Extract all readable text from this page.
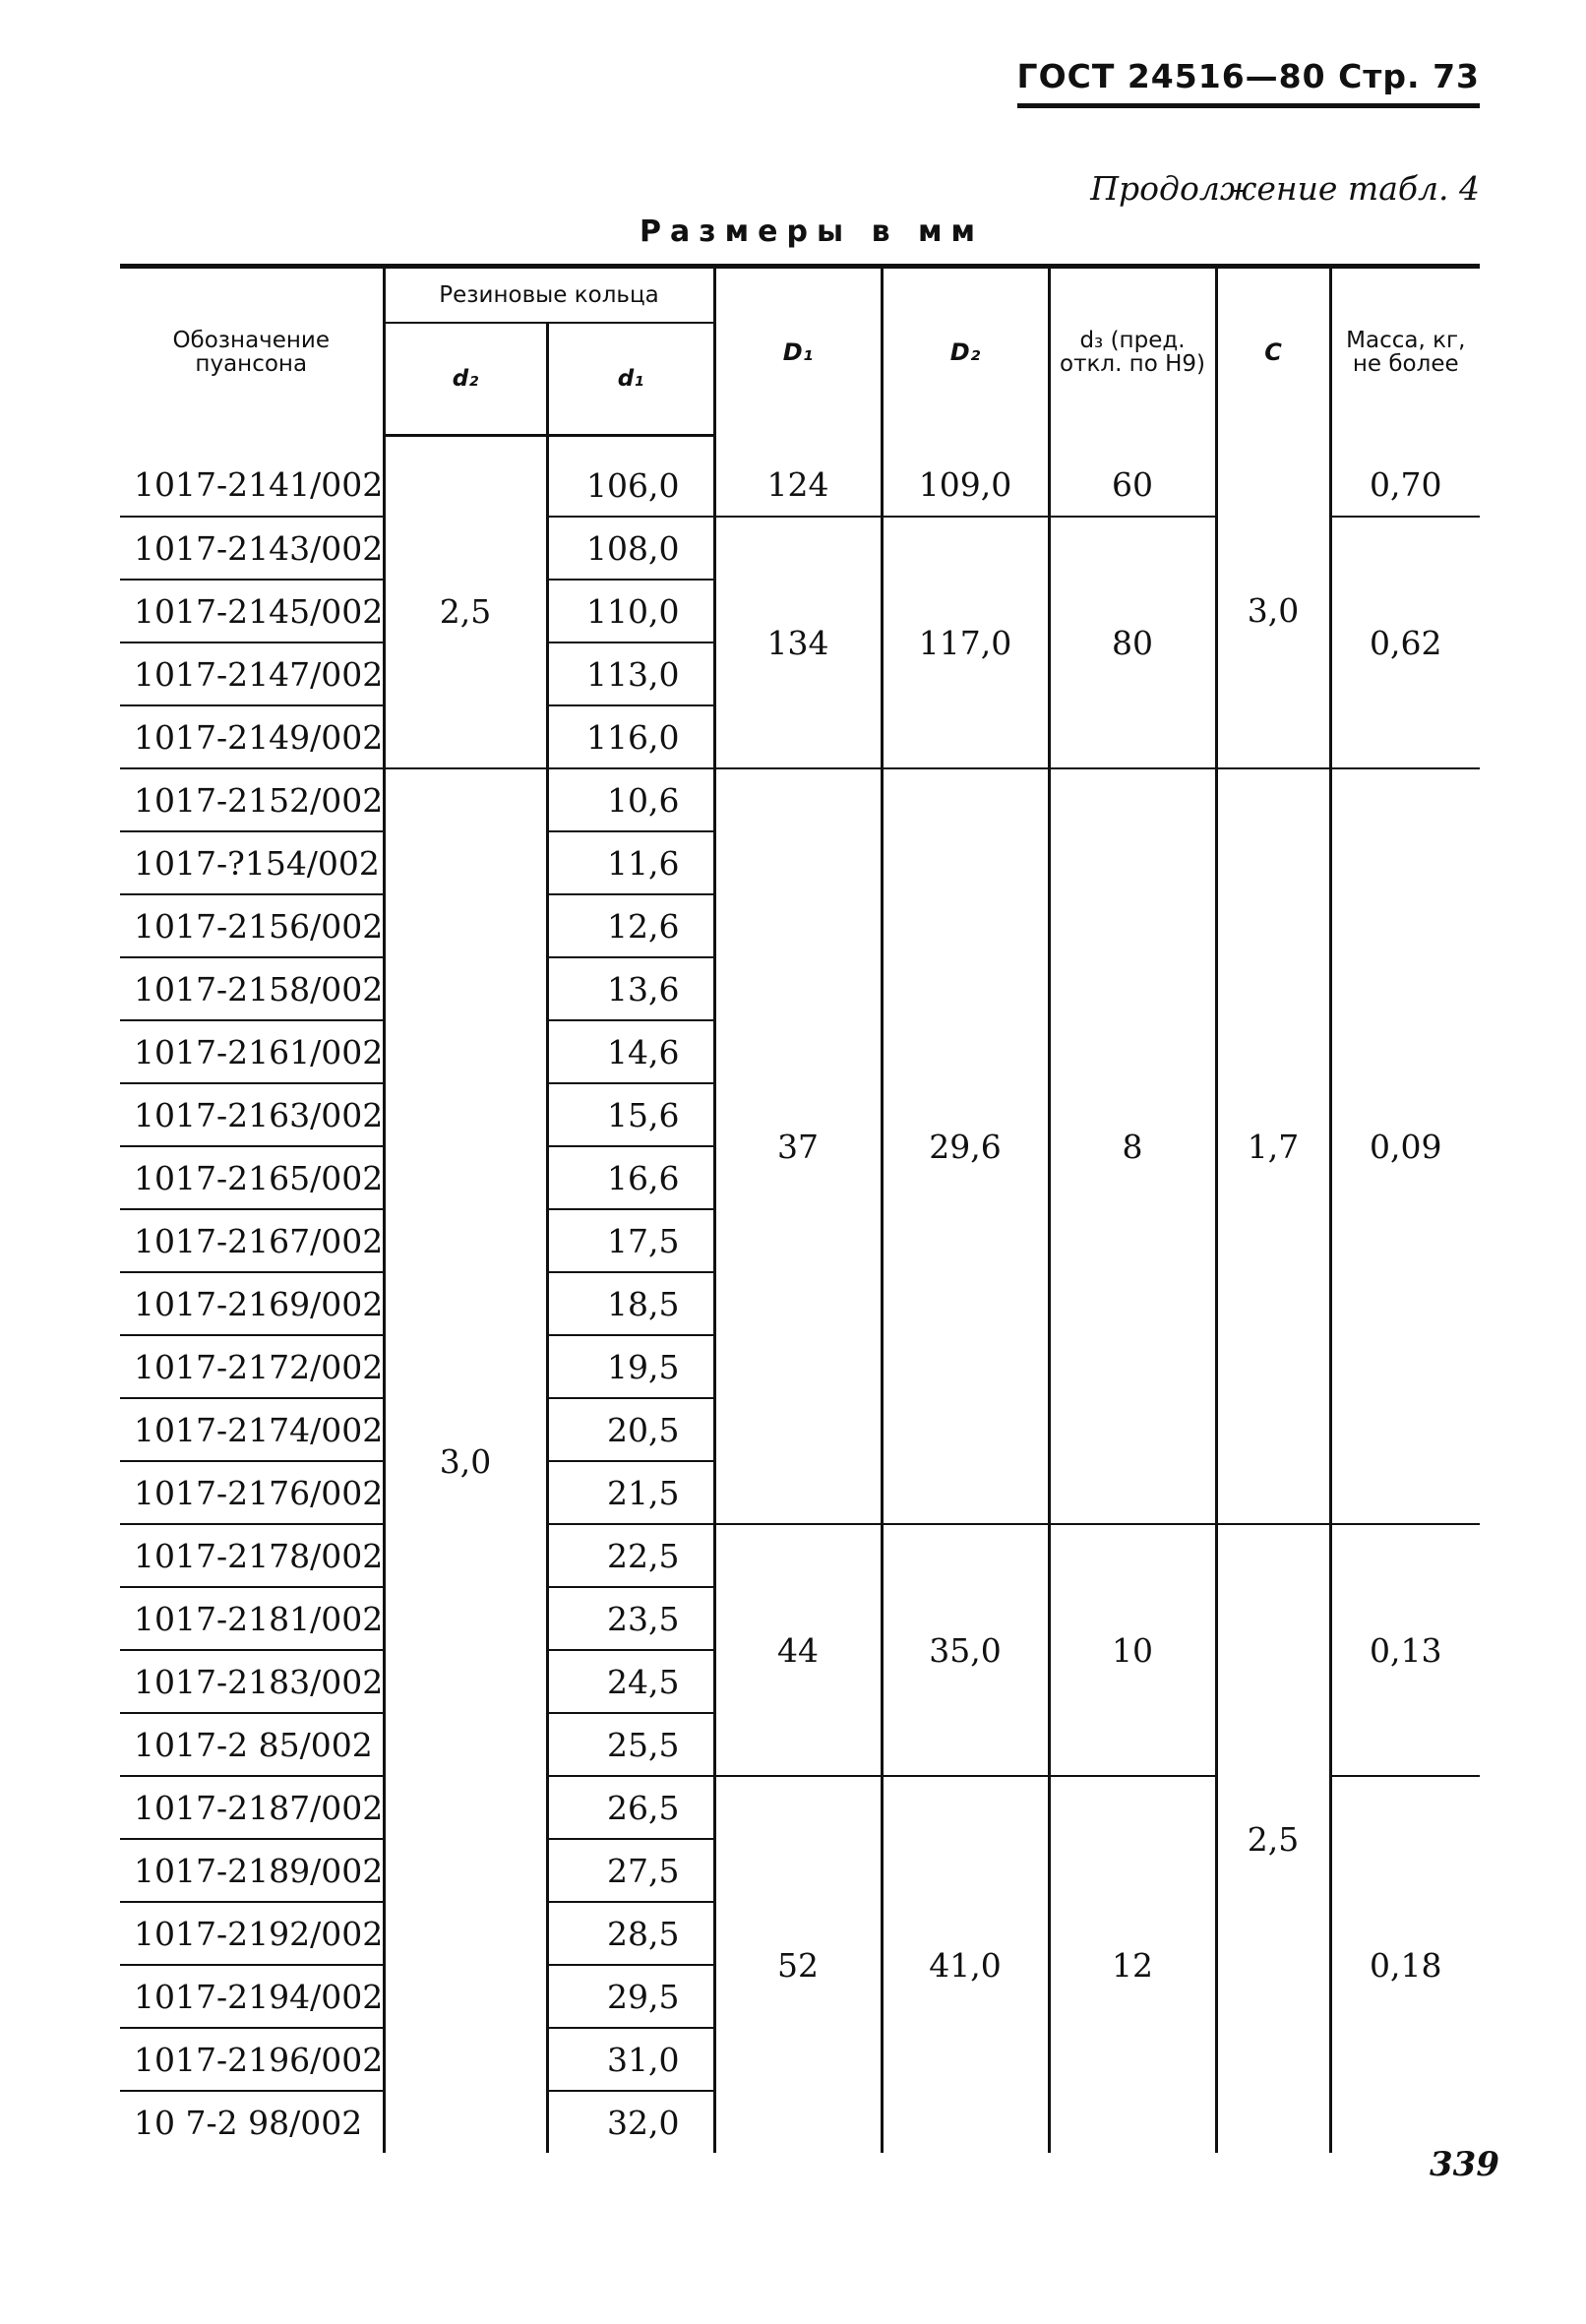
ГОСТ 24516—80 Стр. 73
Продолжение табл. 4
Размеры в мм
Обозначение пуансона	Резиновые кольца		D₁	D₂	d₃ (пред. откл. по H9)	C	Масса, кг, не более
	d₂	d₁					
1017-2141/002	2,5	106,0	124	109,0	60	3,0	0,70
1017-2143/002		108,0	134	117,0	80		0,62
1017-2145/002		110,0					
1017-2147/002		113,0					
1017-2149/002		116,0					
1017-2152/002	3,0	10,6	37	29,6	8	1,7	0,09
1017-?154/002		11,6					
1017-2156/002		12,6					
1017-2158/002		13,6					
1017-2161/002		14,6					
1017-2163/002		15,6					
1017-2165/002		16,6					
1017-2167/002		17,5					
1017-2169/002		18,5					
1017-2172/002		19,5					
1017-2174/002		20,5					
1017-2176/002		21,5					
1017-2178/002		22,5	44	35,0	10	2,5	0,13
1017-2181/002		23,5					
1017-2183/002		24,5					
1017-2 85/002		25,5					
1017-2187/002		26,5	52	41,0	12		0,18
1017-2189/002		27,5					
1017-2192/002		28,5					
1017-2194/002		29,5					
1017-2196/002		31,0					
10 7-2 98/002		32,0					
339
